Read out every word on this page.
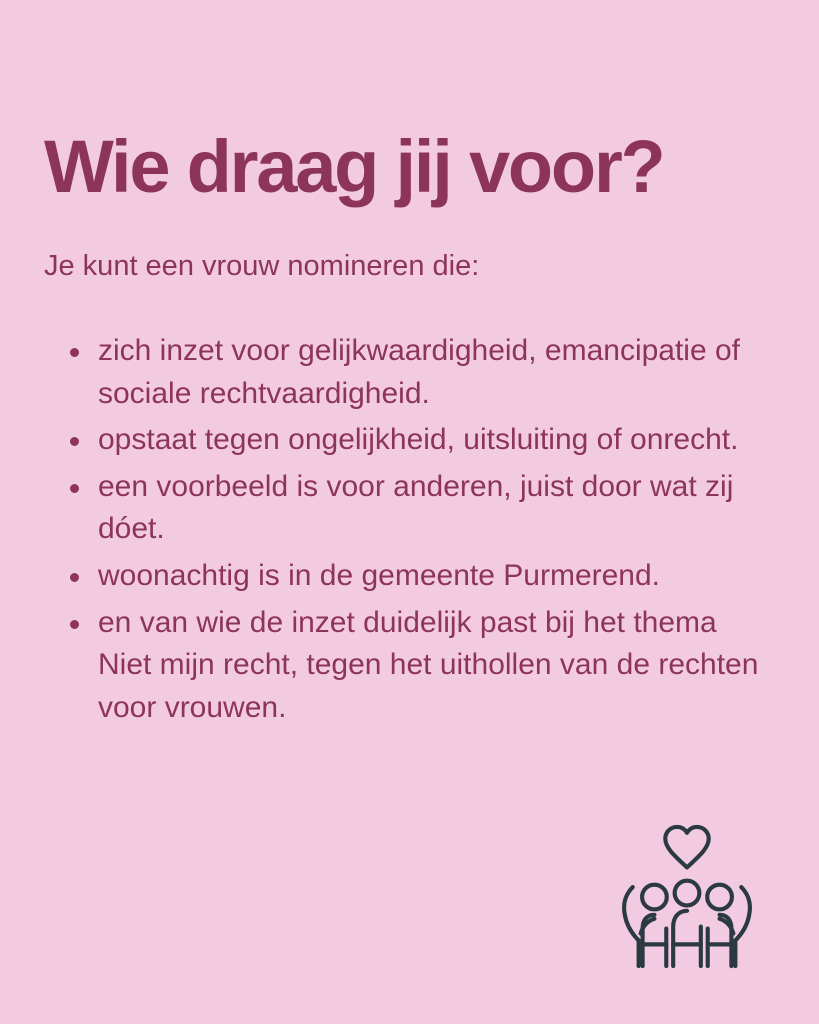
Wie draag jij voor?

Je kunt een vrouw nomineren die:

zich inzet voor gelijkwaardigheid, emancipatie of sociale rechtvaardigheid.
opstaat tegen ongelijkheid, uitsluiting of onrecht.
een voorbeeld is voor anderen, juist door wat zij dóet.
woonachtig is in de gemeente Purmerend.
en van wie de inzet duidelijk past bij het thema Niet mijn recht, tegen het uithollen van de rechten voor vrouwen.
